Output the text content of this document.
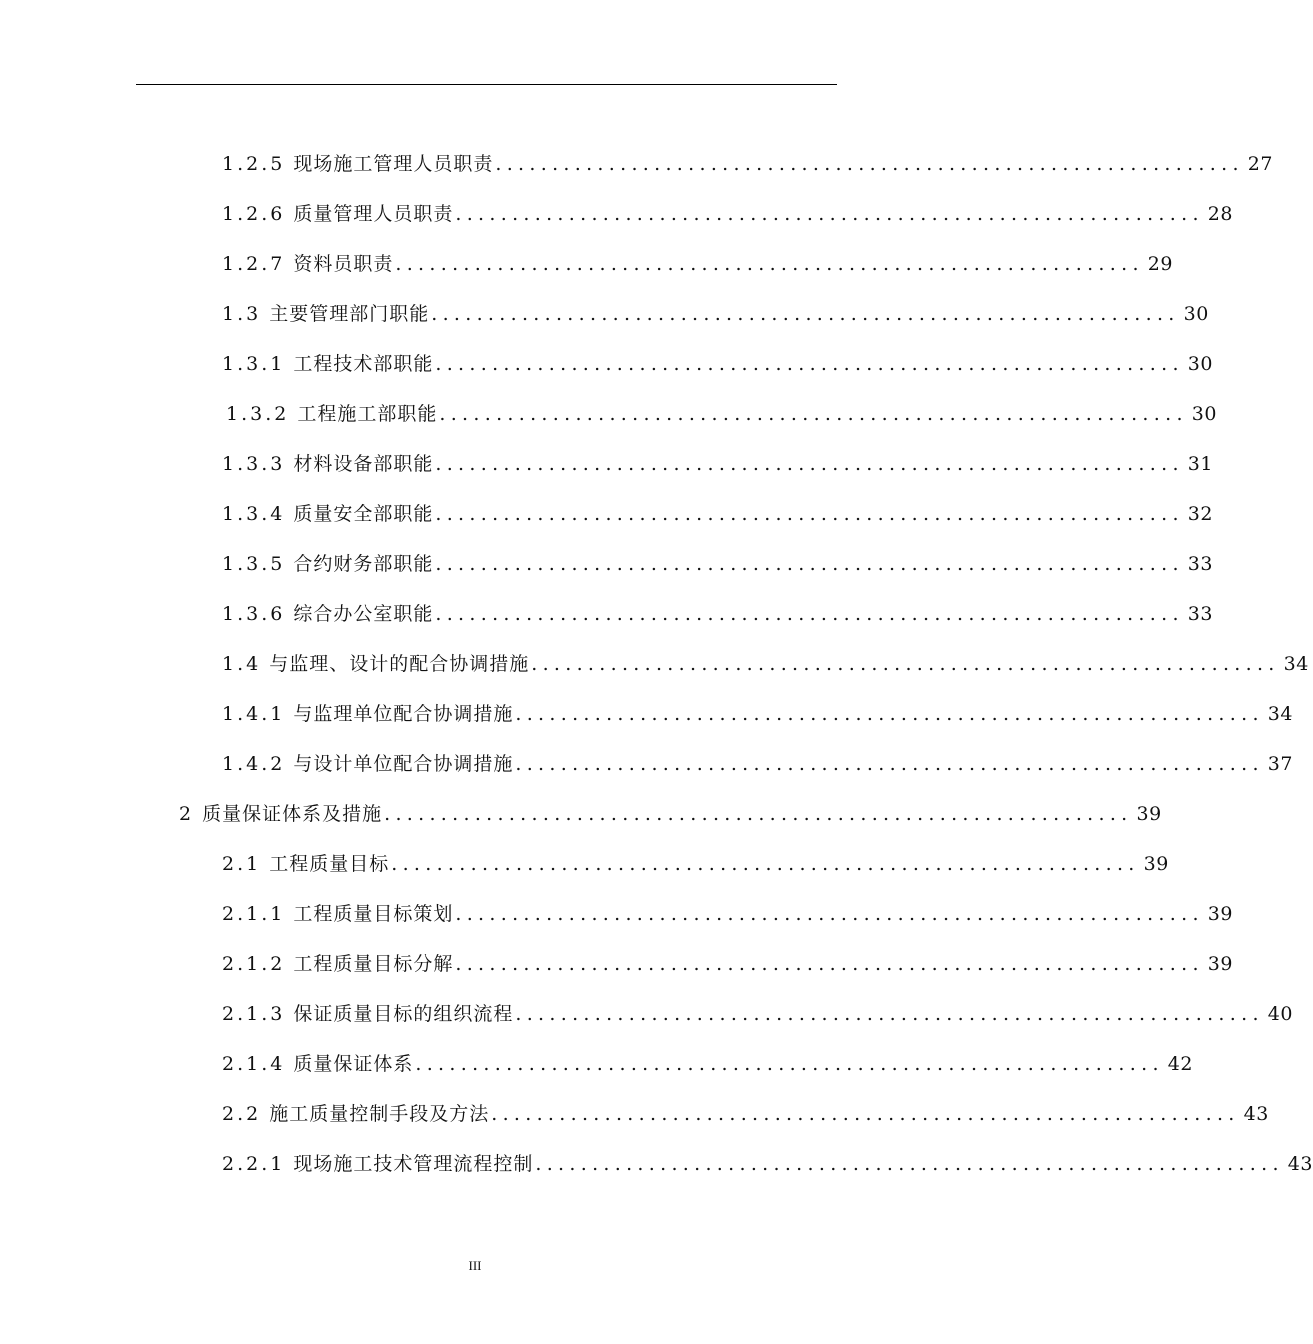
1.2.5 现场施工管理人员职责 .................................................................. 27
1.2.6 质量管理人员职责 .................................................................. 28
1.2.7 资料员职责 .................................................................. 29
1.3 主要管理部门职能 .................................................................. 30
1.3.1 工程技术部职能 .................................................................. 30
1.3.2 工程施工部职能 .................................................................. 30
1.3.3 材料设备部职能 .................................................................. 31
1.3.4 质量安全部职能 .................................................................. 32
1.3.5 合约财务部职能 .................................................................. 33
1.3.6 综合办公室职能 .................................................................. 33
1.4 与监理、设计的配合协调措施 .................................................................. 34
1.4.1 与监理单位配合协调措施 .................................................................. 34
1.4.2 与设计单位配合协调措施 .................................................................. 37
2 质量保证体系及措施 .................................................................. 39
2.1 工程质量目标 .................................................................. 39
2.1.1 工程质量目标策划 .................................................................. 39
2.1.2 工程质量目标分解 .................................................................. 39
2.1.3 保证质量目标的组织流程 .................................................................. 40
2.1.4 质量保证体系 .................................................................. 42
2.2 施工质量控制手段及方法 .................................................................. 43
2.2.1 现场施工技术管理流程控制 .................................................................. 43
III
